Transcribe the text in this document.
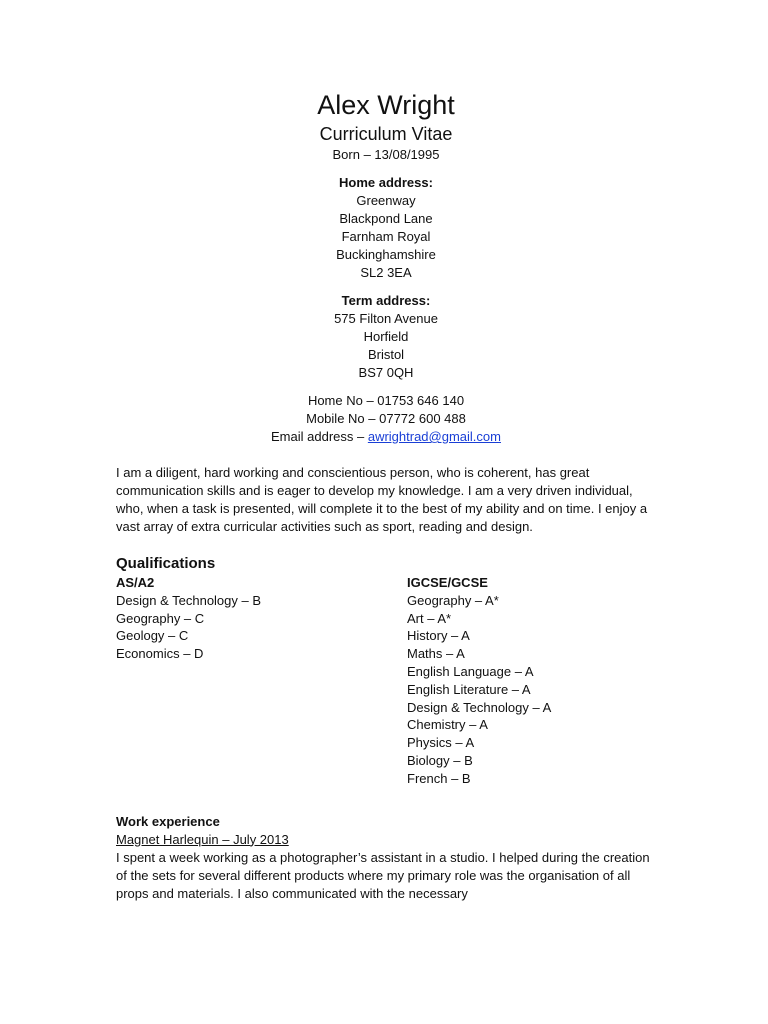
Alex Wright
Curriculum Vitae
Born – 13/08/1995
Home address:
Greenway
Blackpond Lane
Farnham Royal
Buckinghamshire
SL2 3EA
Term address:
575 Filton Avenue
Horfield
Bristol
BS7 0QH
Home No – 01753 646 140
Mobile No – 07772 600 488
Email address – awrightrad@gmail.com
I am a diligent, hard working and conscientious person, who is coherent, has great communication skills and is eager to develop my knowledge. I am a very driven individual, who, when a task is presented, will complete it to the best of my ability and on time. I enjoy a vast array of extra curricular activities such as sport, reading and design.
Qualifications
AS/A2
Design & Technology – B
Geography – C
Geology – C
Economics – D
IGCSE/GCSE
Geography – A*
Art – A*
History – A
Maths – A
English Language – A
English Literature – A
Design & Technology – A
Chemistry – A
Physics – A
Biology – B
French – B
Work experience
Magnet Harlequin – July 2013
I spent a week working as a photographer’s assistant in a studio. I helped during the creation of the sets for several different products where my primary role was the organisation of all props and materials. I also communicated with the necessary
